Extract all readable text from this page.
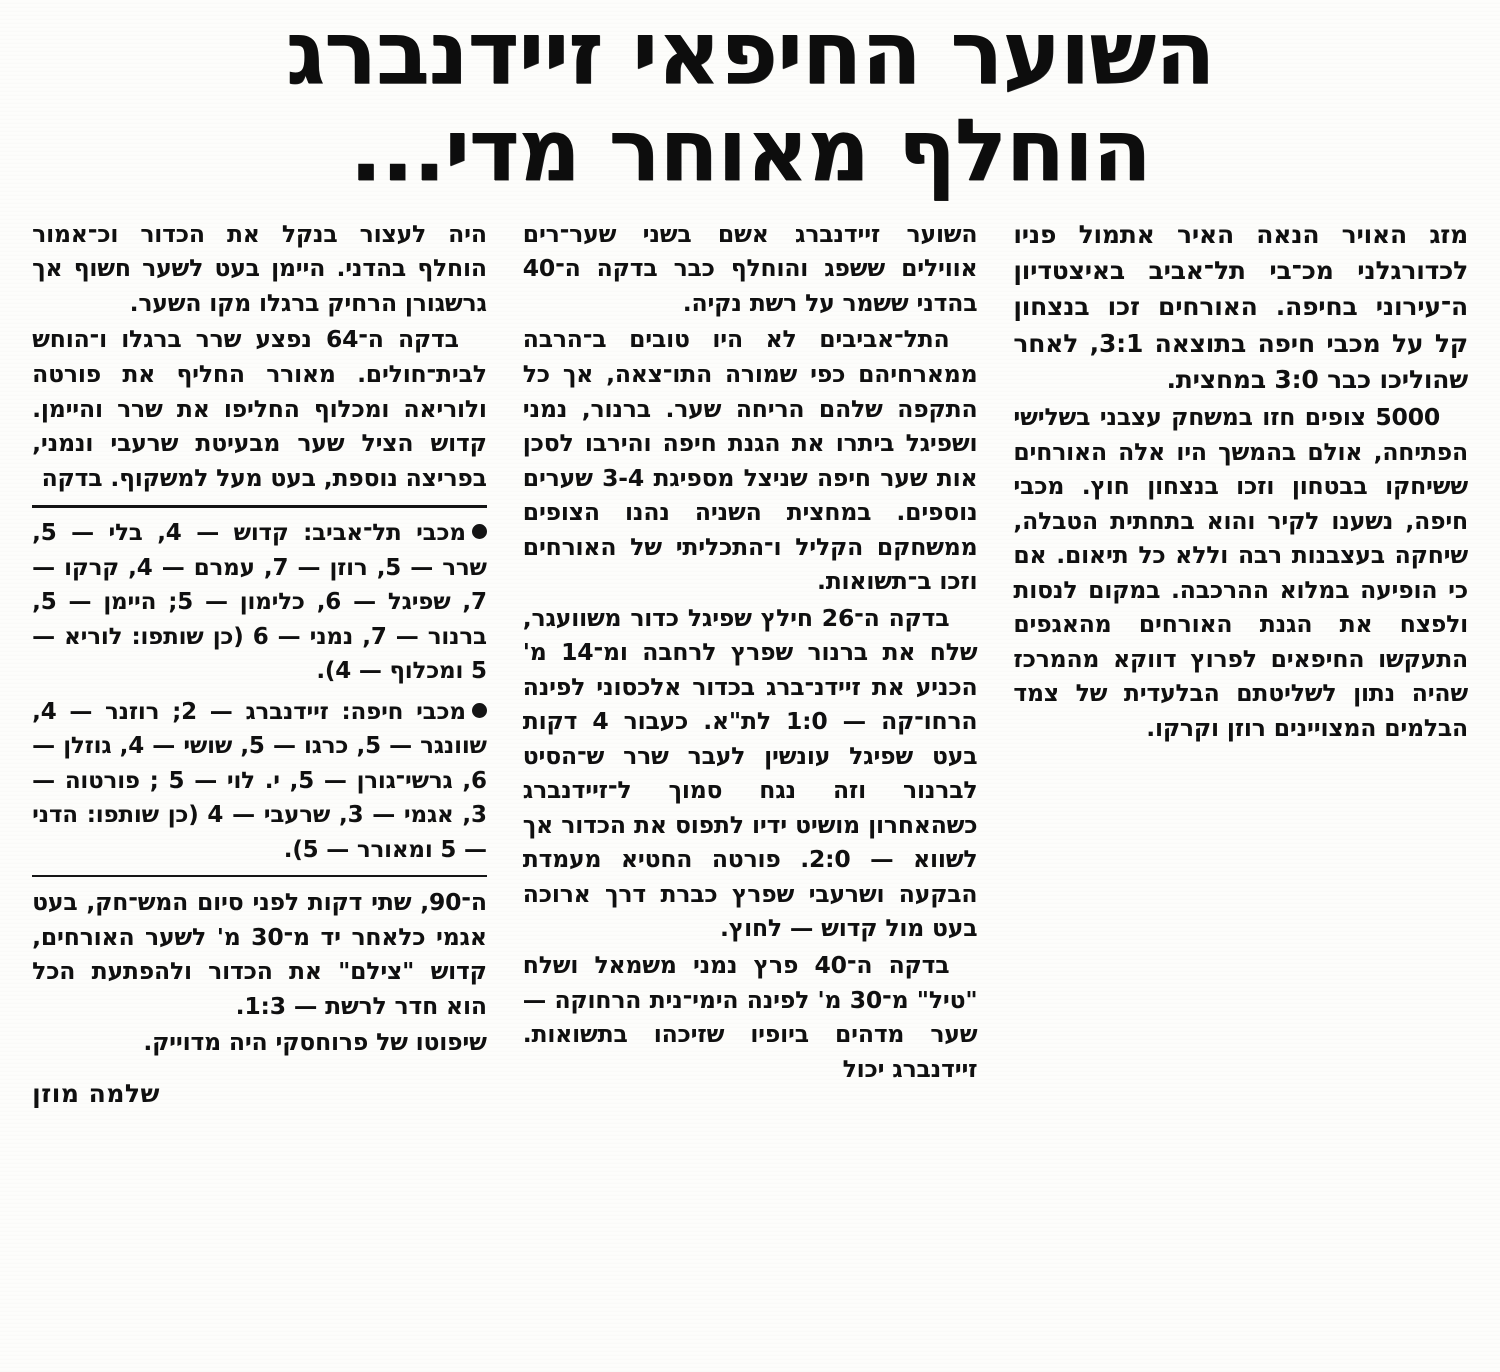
השוער החיפאי זיידנברג
הוחלף מאוחר מדי...

מזג האויר הנאה האיר אתמול פניו לכדורגלני מכ־בי תל־אביב באיצטדיון ה־עירוני בחיפה. האורחים זכו בנצחון קל על מכבי חיפה בתוצאה 3:1, לאחר שהוליכו כבר 3:0 במחצית.

5000 צופים חזו במשחק עצבני בשלישי הפתיחה, אולם בהמשך היו אלה האורחים ששיחקו בבטחון וזכו בנצחון חוץ. מכבי חיפה, נשענו לקיר והוא בתחתית הטבלה, שיחקה בעצבנות רבה וללא כל תיאום. אם כי הופיעה במלוא ההרכבה. במקום לנסות ולפצח את הגנת האורחים מהאגפים התעקשו החיפאים לפרוץ דווקא מהמרכז שהיה נתון לשליטתם הבלעדית של צמד הבלמים המצויינים רוזן וקרקו.

השוער זיידנברג אשם בשני שער־רים אווילים ששפג והוחלף כבר בדקה ה־40 בהדני ששמר על רשת נקיה.

התל־אביבים לא היו טובים ב־הרבה ממארחיהם כפי שמורה התו־צאה, אך כל התקפה שלהם הריחה שער. ברנור, נמני ושפיגל ביתרו את הגנת חיפה והירבו לסכן אות שער חיפה שניצל מספיגת 3-4 שערים נוספים. במחצית השניה נהנו הצופים ממשחקם הקליל ו־התכליתי של האורחים וזכו ב־תשואות.

בדקה ה־26 חילץ שפיגל כדור משוועגר, שלח את ברנור שפרץ לרחבה ומ־14 מ' הכניע את זיידנ־ברג בכדור אלכסוני לפינה הרחו־קה — 1:0 לת"א. כעבור 4 דקות בעט שפיגל עונשין לעבר שרר ש־הסיט לברנור וזה נגח סמוך ל־זיידנברג כשהאחרון מושיט ידיו לתפוס את הכדור אך לשווא — 2:0. פורטה החטיא מעמדת הבקעה ושרעבי שפרץ כברת דרך ארוכה בעט מול קדוש — לחוץ.

בדקה ה־40 פרץ נמני משמאל ושלח "טיל" מ־30 מ' לפינה הימי־נית הרחוקה — שער מדהים ביופיו שזיכהו בתשואות. זיידנברג יכול

היה לעצור בנקל את הכדור וכ־אמור הוחלף בהדני. היימן בעט לשער חשוף אך גרשגורן הרחיק ברגלו מקו השער.

בדקה ה־64 נפצע שרר ברגלו ו־הוחש לבית־חולים. מאורר החליף את פורטה ולוריאה ומכלוף החליפו את שרר והיימן. קדוש הציל שער מבעיטת שרעבי ונמני, בפריצה נוספת, בעט מעל למשקוף. בדקה

מכבי תל־אביב: קדוש — 4, בלי — 5, שרר — 5, רוזן — 7, עמרם — 4, קרקו — 7, שפיגל — 6, כלימון — 5; היימן — 5, ברנור — 7, נמני — 6 (כן שותפו: לוריא — 5 ומכלוף — 4).
מכבי חיפה: זיידנברג — 2; רוזנר — 4, שוונגר — 5, כרגו — 5, שושי — 4, גוזלן — 6, גרשי־גורן — 5, י. לוי — 5 ; פורטוה — 3, אגמי — 3, שרעבי — 4 (כן שותפו: הדני — 5 ומאורר — 5).

ה־90, שתי דקות לפני סיום המש־חק, בעט אגמי כלאחר יד מ־30 מ' לשער האורחים, קדוש "צילם" את הכדור ולהפתעת הכל הוא חדר לרשת — 1:3.

שיפוטו של פרוחסקי היה מדוייק.

שלמה מוזן
